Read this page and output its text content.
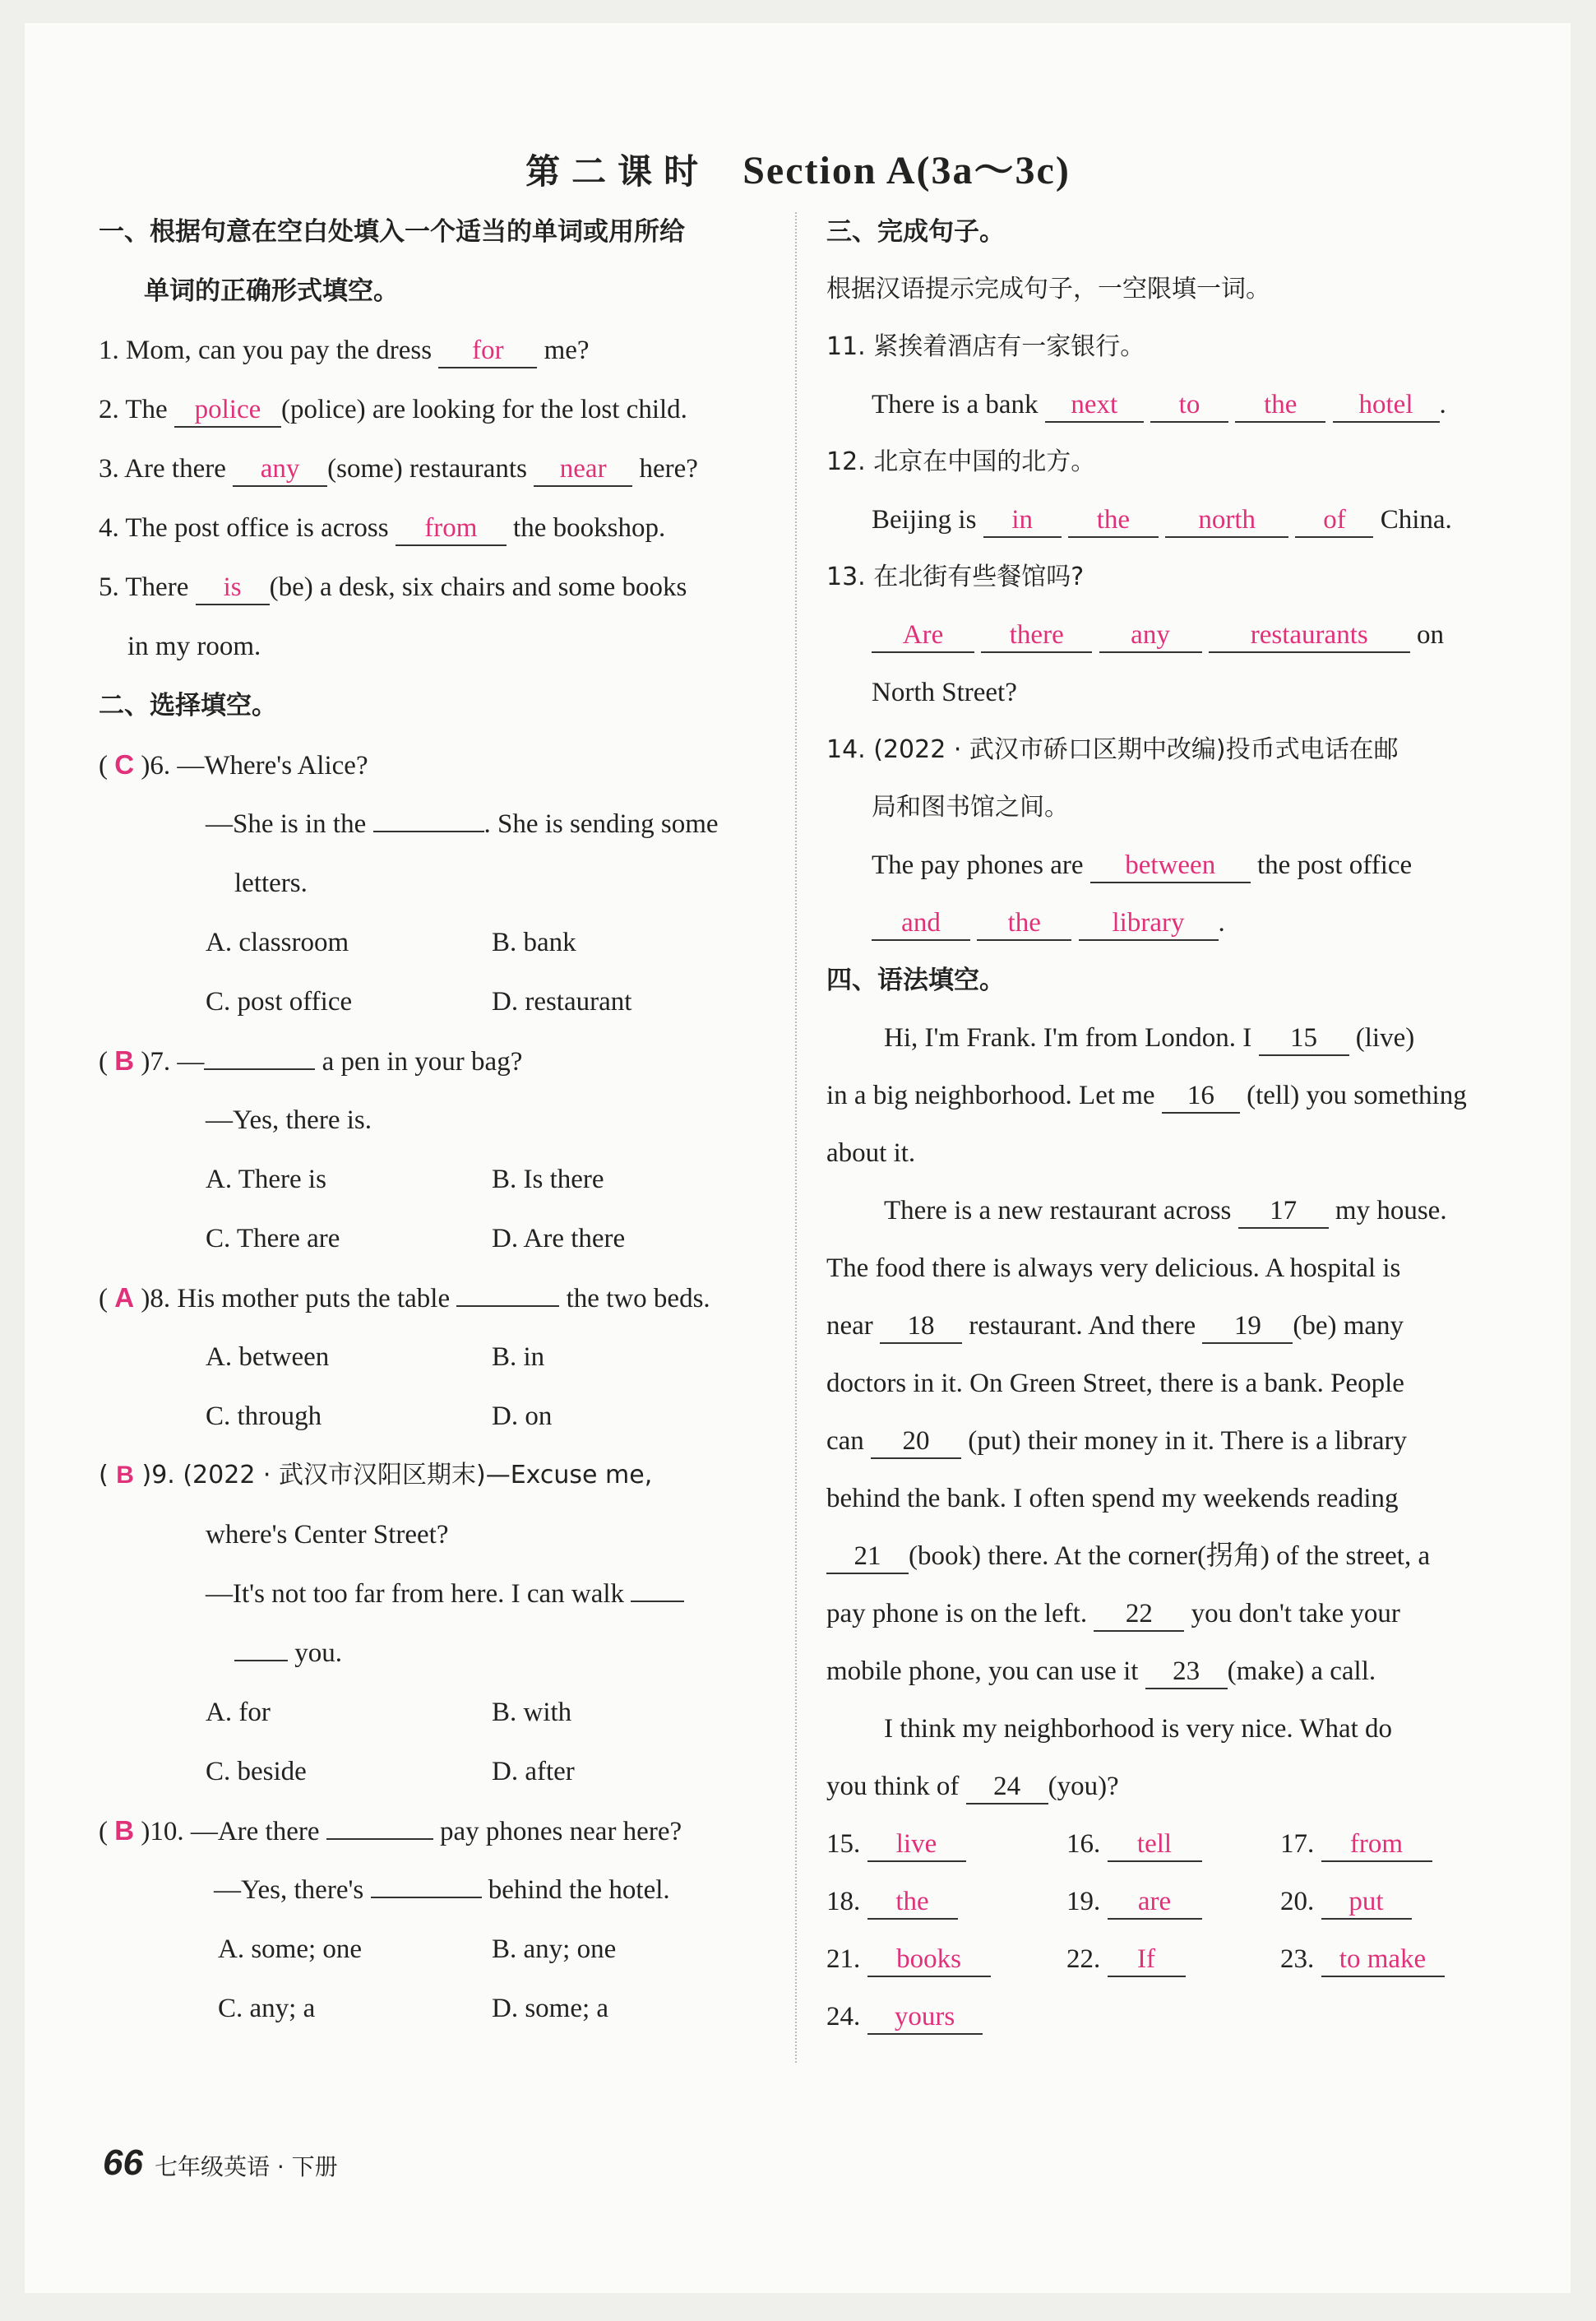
第二课时 Section A(3a～3c)
一、根据句意在空白处填入一个适当的单词或用所给
单词的正确形式填空。
1. Mom, can you pay the dress for me?
2. The police (police) are looking for the lost child.
3. Are there any (some) restaurants near here?
4. The post office is across from the bookshop.
5. There is (be) a desk, six chairs and some books
in my room.
二、选择填空。
( C )6. —Where's Alice?
—She is in the	. She is sending some
letters.
A. classroom	B. bank
C. post office	D. restaurant
( B )7. —	a pen in your bag?
—Yes, there is.
A. There is	B. Is there
C. There are	D. Are there
( A )8. His mother puts the table	the two beds.
A. between	B. in
C. through	D. on
( B )9. (2022 · 武汉市汉阳区期末)—Excuse me,
where's Center Street?
—It's not too far from here. I can walk
you.
A. for	B. with
C. beside	D. after
( B )10. —Are there	pay phones near here?
—Yes, there's	behind the hotel.
A. some; one	B. any; one
C. any; a	D. some; a
三、完成句子。
根据汉语提示完成句子，一空限填一词。
11. 紧挨着酒店有一家银行。
There is a bank next to the hotel .
12. 北京在中国的北方。
Beijing is in the	north of China.
13. 在北街有些餐馆吗?
Are there any	restaurants on
North Street?
14. (2022 · 武汉市硚口区期中改编)投币式电话在邮
局和图书馆之间。
The pay phones are between the post office
and the	library .
四、语法填空。
Hi, I'm Frank. I'm from London. I 15 (live)
in a big neighborhood. Let me 16 (tell) you something
about it.
There is a new restaurant across 17 my house.
The food there is always very delicious. A hospital is
near 18 restaurant. And there 19 (be) many
doctors in it. On Green Street, there is a bank. People
can 20 (put) their money in it. There is a library
behind the bank. I often spend my weekends reading
21 (book) there. At the corner(拐角) of the street, a
pay phone is on the left. 22 you don't take your
mobile phone, you can use it 23 (make) a call.
I think my neighborhood is very nice. What do
you think of 24 (you)?
15. live	16. tell	17. from
18. the	19. are	20. put
21. books	22. If	23. to make
24. yours
66 七年级英语 · 下册
